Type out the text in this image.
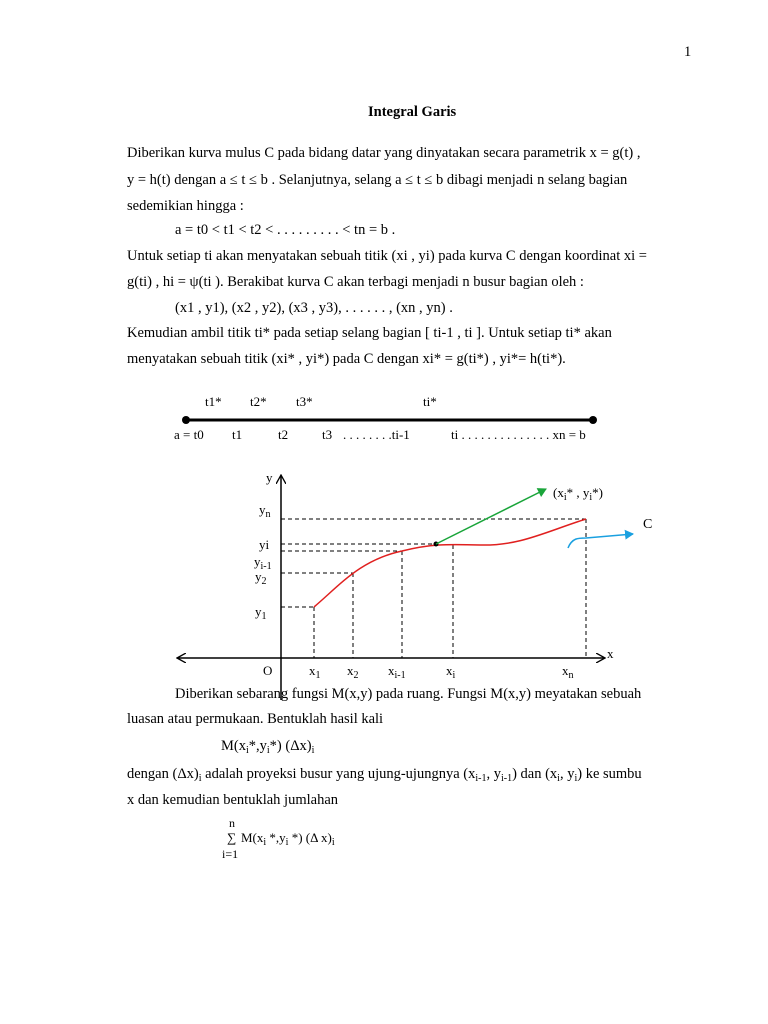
1
Integral Garis
Diberikan kurva mulus C pada bidang datar yang dinyatakan secara parametrik x = g(t) ,
y = h(t) dengan a ≤ t ≤ b . Selanjutnya, selang a ≤ t ≤ b dibagi menjadi n selang bagian
sedemikian hingga :
a = t0 < t1 < t2 < . . . . . . . . . < tn = b .
Untuk setiap ti akan menyatakan sebuah titik (xi , yi) pada kurva C dengan koordinat xi =
g(ti) , hi = ψ(ti ). Berakibat kurva C akan terbagi menjadi n busur bagian oleh :
(x1 , y1), (x2 , y2), (x3 , y3), . . . . . . , (xn , yn) .
Kemudian ambil titik ti* pada setiap selang bagian [ ti-1 , ti ]. Untuk setiap ti* akan
menyatakan sebuah titik (xi* , yi*) pada C dengan xi* = g(ti*) , yi*= h(ti*).
t1* t2* t3*	ti*
a = t0 t1	t2	t3 . . . . . . . .ti-1	ti . . . . . . . . . . . . . . xn = b
y
x
O
$y_n$
yi
$y_{i-1}$
$y_2$
$y_1$
$x_1$ $x_2$ $x_{i-1}$	$x_i$	$x_n$
($x_i*$ , $y_i*$)
C
Diberikan sebarang fungsi M(x,y) pada ruang. Fungsi M(x,y) meyatakan sebuah
luasan atau permukaan. Bentuklah hasil kali
$M(x_i*,y_i*)$ $(\Delta x)_i$
dengan $(\Delta x)_i$ adalah proyeksi busur yang ujung-ujungnya ($x_{i-1}$, $y_{i-1}$) dan ($x_i$, $y_i$) ke sumbu
x dan kemudian bentuklah jumlahan
n
∑ $M(x_i$ $*,y_i$ *) (Δ $x)_i$
i=1
